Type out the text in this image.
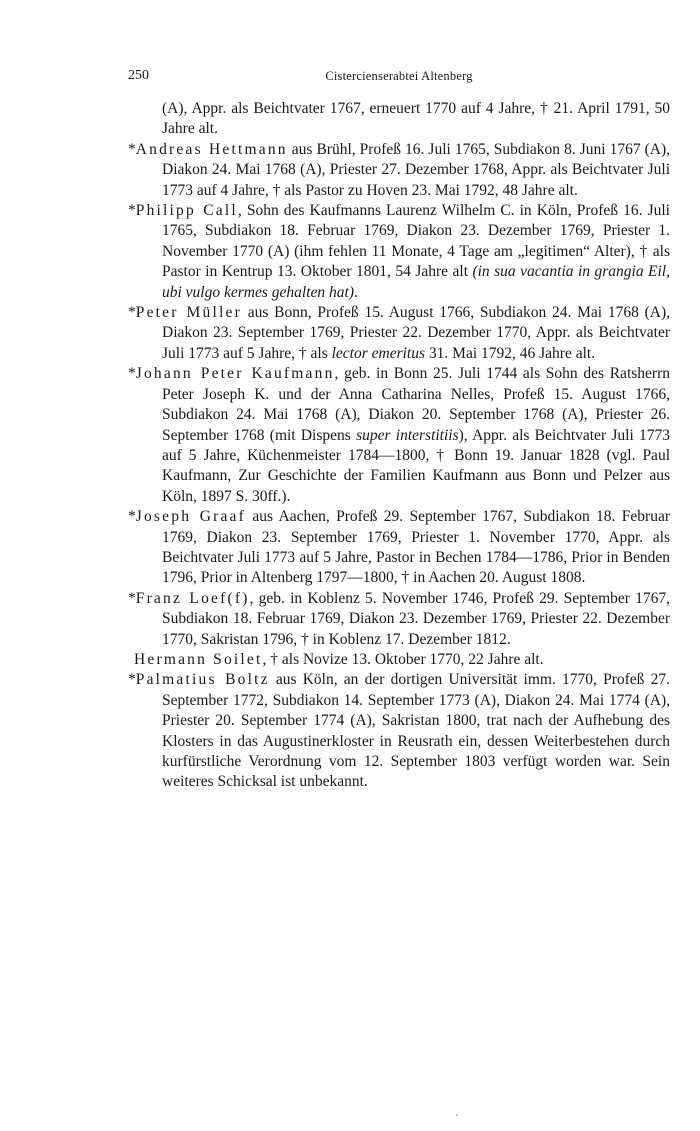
250	Cistercienserabtei Altenberg

(A), Appr. als Beichtvater 1767, erneuert 1770 auf 4 Jahre, † 21. April 1791, 50 Jahre alt.

*Andreas Hettmann aus Brühl, Profeß 16. Juli 1765, Subdiakon 8. Juni 1767 (A), Diakon 24. Mai 1768 (A), Priester 27. Dezember 1768, Appr. als Beichtvater Juli 1773 auf 4 Jahre, † als Pastor zu Hoven 23. Mai 1792, 48 Jahre alt.

*Philipp Call, Sohn des Kaufmanns Laurenz Wilhelm C. in Köln, Profeß 16. Juli 1765, Subdiakon 18. Februar 1769, Diakon 23. Dezember 1769, Priester 1. November 1770 (A) (ihm fehlen 11 Monate, 4 Tage am „legitimen“ Alter), † als Pastor in Kentrup 13. Oktober 1801, 54 Jahre alt (in sua vacantia in grangia Eil, ubi vulgo kermes gehalten hat).

*Peter Müller aus Bonn, Profeß 15. August 1766, Subdiakon 24. Mai 1768 (A), Diakon 23. September 1769, Priester 22. Dezember 1770, Appr. als Beichtvater Juli 1773 auf 5 Jahre, † als lector emeritus 31. Mai 1792, 46 Jahre alt.

*Johann Peter Kaufmann, geb. in Bonn 25. Juli 1744 als Sohn des Ratsherrn Peter Joseph K. und der Anna Catharina Nelles, Profeß 15. August 1766, Subdiakon 24. Mai 1768 (A), Diakon 20. September 1768 (A), Priester 26. September 1768 (mit Dispens super interstitiis), Appr. als Beichtvater Juli 1773 auf 5 Jahre, Küchenmeister 1784—1800, † Bonn 19. Januar 1828 (vgl. Paul Kaufmann, Zur Geschichte der Familien Kaufmann aus Bonn und Pelzer aus Köln, 1897 S. 30ff.).

*Joseph Graaf aus Aachen, Profeß 29. September 1767, Subdiakon 18. Februar 1769, Diakon 23. September 1769, Priester 1. November 1770, Appr. als Beichtvater Juli 1773 auf 5 Jahre, Pastor in Bechen 1784—1786, Prior in Benden 1796, Prior in Altenberg 1797—1800, † in Aachen 20. August 1808.

*Franz Loef(f), geb. in Koblenz 5. November 1746, Profeß 29. September 1767, Subdiakon 18. Februar 1769, Diakon 23. Dezember 1769, Priester 22. Dezember 1770, Sakristan 1796, † in Koblenz 17. Dezember 1812.

Hermann Soilet, † als Novize 13. Oktober 1770, 22 Jahre alt.

*Palmatius Boltz aus Köln, an der dortigen Universität imm. 1770, Profeß 27. September 1772, Subdiakon 14. September 1773 (A), Diakon 24. Mai 1774 (A), Priester 20. September 1774 (A), Sakristan 1800, trat nach der Aufhebung des Klosters in das Augustinerkloster in Reusrath ein, dessen Weiterbestehen durch kurfürstliche Verordnung vom 12. September 1803 verfügt worden war. Sein weiteres Schicksal ist unbekannt.
